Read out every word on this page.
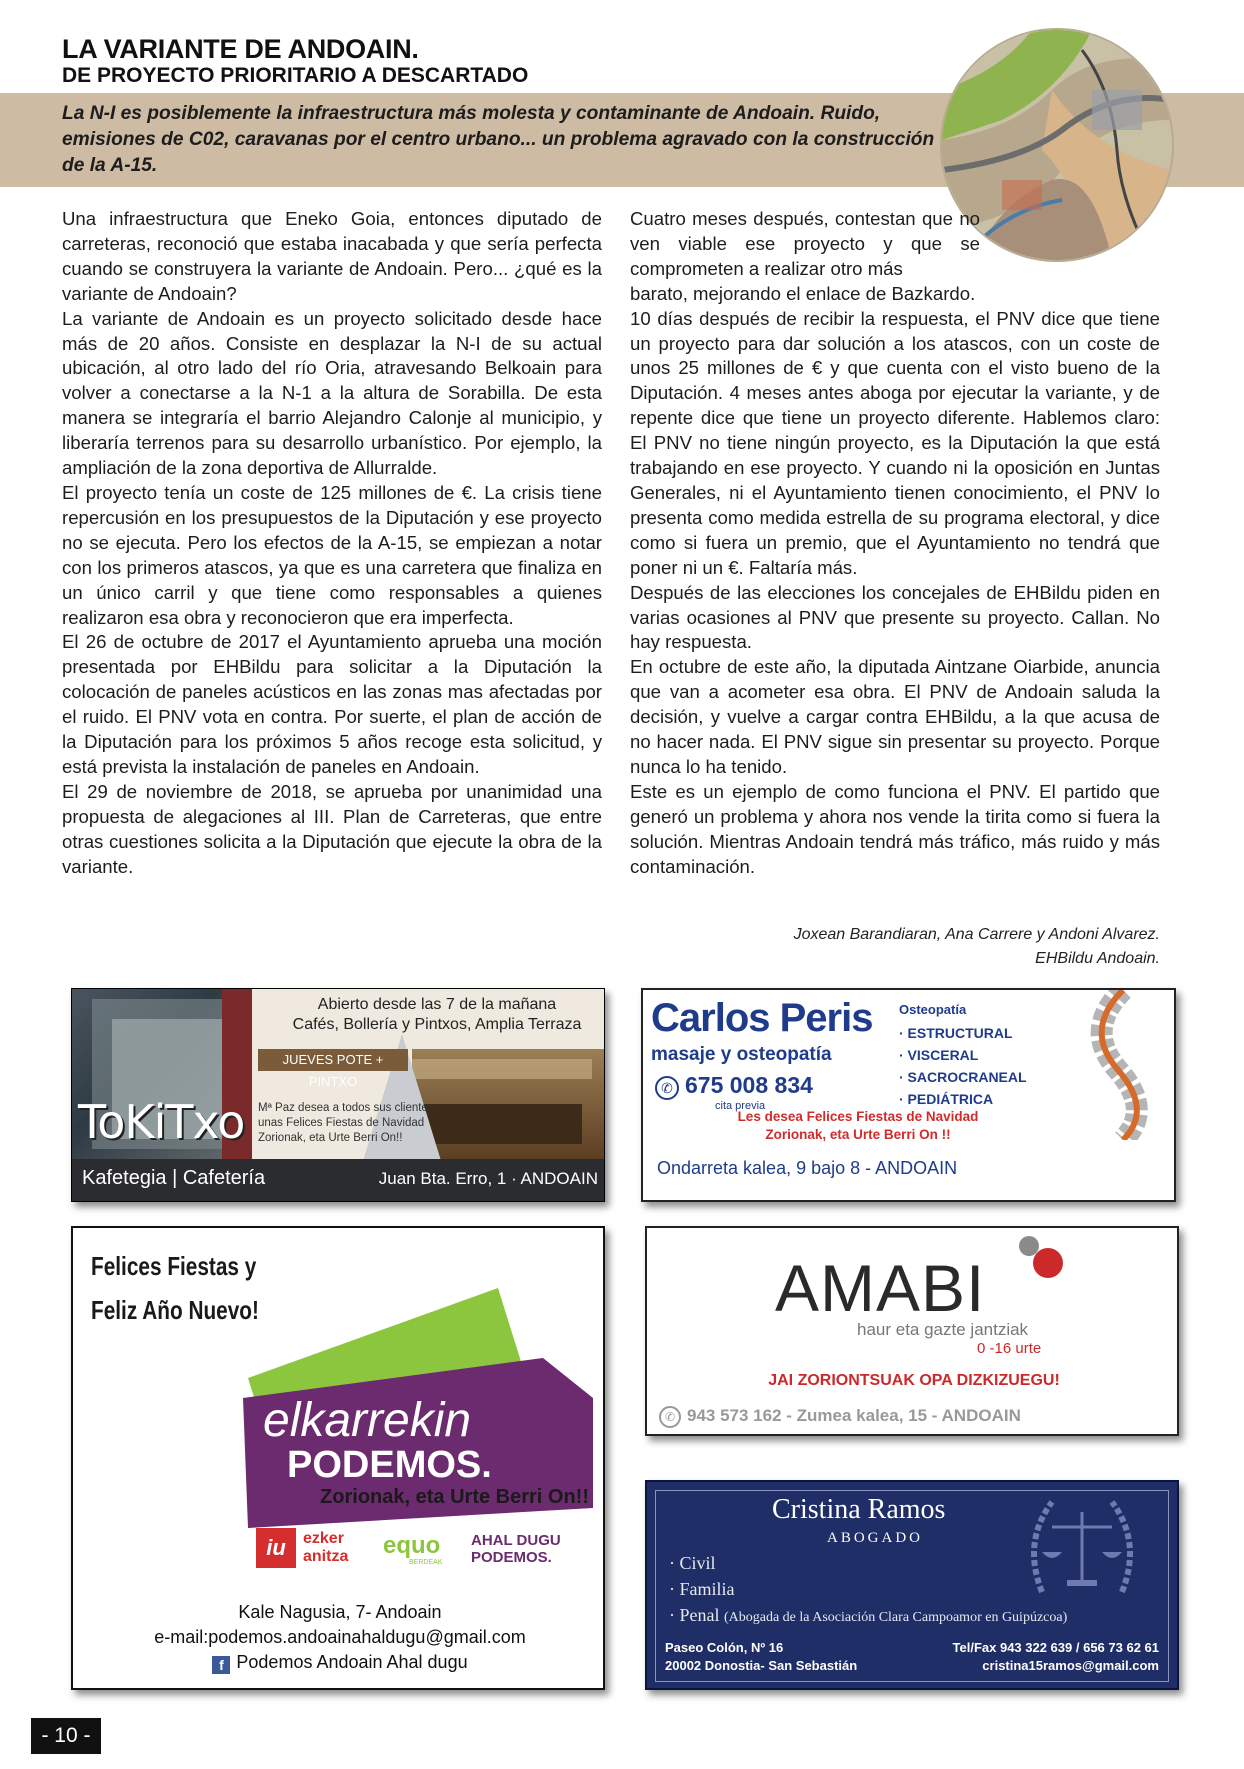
LA VARIANTE DE ANDOAIN.
DE PROYECTO PRIORITARIO A DESCARTADO
La N-I es posiblemente la infraestructura más molesta y contaminante de Andoain. Ruido, emisiones de C02, caravanas por el centro urbano... un problema agravado con la construcción de la A-15.

Una infraestructura que Eneko Goia, entonces diputado de carreteras, reconoció que estaba inacabada y que sería perfecta cuando se construyera la variante de Andoain. Pero... ¿qué es la variante de Andoain?

La variante de Andoain es un proyecto solicitado desde hace más de 20 años. Consiste en desplazar la N-I de su actual ubicación, al otro lado del río Oria, atravesando Belkoain para volver a conectarse a la N-1 a la altura de Sorabilla. De esta manera se integraría el barrio Alejandro Calonje al municipio, y liberaría terrenos para su desarrollo urbanístico. Por ejemplo, la ampliación de la zona deportiva de Allurralde.

El proyecto tenía un coste de 125 millones de €. La crisis tiene repercusión en los presupuestos de la Diputación y ese proyecto no se ejecuta. Pero los efectos de la A-15, se empiezan a notar con los primeros atascos, ya que es una carretera que finaliza en un único carril y que tiene como responsables a quienes realizaron esa obra y reconocieron que era imperfecta.

El 26 de octubre de 2017 el Ayuntamiento aprueba una moción presentada por EHBildu para solicitar a la Diputación la colocación de paneles acústicos en las zonas mas afectadas por el ruido. El PNV vota en contra. Por suerte, el plan de acción de la Diputación para los próximos 5 años recoge esta solicitud, y está prevista la instalación de paneles en Andoain.

El 29 de noviembre de 2018, se aprueba por unanimidad una propuesta de alegaciones al III. Plan de Carreteras, que entre otras cuestiones solicita a la Diputación que ejecute la obra de la variante.

Cuatro meses después, contestan que no ven viable ese proyecto y que se comprometen a realizar otro más

barato, mejorando el enlace de Bazkardo.

10 días después de recibir la respuesta, el PNV dice que tiene un proyecto para dar solución a los atascos, con un coste de unos 25 millones de € y que cuenta con el visto bueno de la Diputación. 4 meses antes aboga por ejecutar la variante, y de repente dice que tiene un proyecto diferente. Hablemos claro: El PNV no tiene ningún proyecto, es la Diputación la que está trabajando en ese proyecto. Y cuando ni la oposición en Juntas Generales, ni el Ayuntamiento tienen conocimiento, el PNV lo presenta como medida estrella de su programa electoral, y dice como si fuera un premio, que el Ayuntamiento no tendrá que poner ni un €. Faltaría más.

Después de las elecciones los concejales de EHBildu piden en varias ocasiones al PNV que presente su proyecto. Callan. No hay respuesta.

En octubre de este año, la diputada Aintzane Oiarbide, anuncia que van a acometer esa obra. El PNV de Andoain saluda la decisión, y vuelve a cargar contra EHBildu, a la que acusa de no hacer nada. El PNV sigue sin presentar su proyecto. Porque nunca lo ha tenido.

Este es un ejemplo de como funciona el PNV. El partido que generó un problema y ahora nos vende la tirita como si fuera la solución. Mientras Andoain tendrá más tráfico, más ruido y más contaminación.

Joxean Barandiaran, Ana Carrere y Andoni Alvarez.
EHBildu Andoain.
Abierto desde las 7 de la mañana
Cafés, Bollería y Pintxos, Amplia Terraza
JUEVES POTE + PINTXO
Mª Paz desea a todos sus clientes
unas Felices Fiestas de Navidad
Zorionak, eta Urte Berri On!!
ToKiTxo
Kafetegia | Cafetería	Juan Bta. Erro, 1 · ANDOAIN
Carlos Peris
masaje y osteopatía
✆ 675 008 834
cita previa
Osteopatía
· ESTRUCTURAL
· VISCERAL
· SACROCRANEAL
· PEDIÁTRICA
Les desea Felices Fiestas de Navidad
Zorionak, eta Urte Berri On !!
Ondarreta kalea, 9 bajo 8 - ANDOAIN
Felices Fiestas y
Feliz Año Nuevo!
elkarrekin
PODEMOS.
Zorionak, eta Urte Berri On!!
iu	ezker
anitza equo
BERDEAK
AHAL DUGU
PODEMOS.
Kale Nagusia, 7- Andoain
e-mail:podemos.andoainahaldugu@gmail.com
f Podemos Andoain Ahal dugu
AMABI
haur eta gazte jantziak
0 -16 urte
JAI ZORIONTSUAK OPA DIZKIZUEGU!
✆ 943 573 162 - Zumea kalea, 15 - ANDOAIN
Cristina Ramos
ABOGADO
· Civil
· Familia
· Penal (Abogada de la Asociación Clara Campoamor en Guipúzcoa)
Paseo Colón, Nº 16
20002 Donostia- San Sebastián
Tel/Fax 943 322 639 / 656 73 62 61
cristina15ramos@gmail.com
- 10 -
